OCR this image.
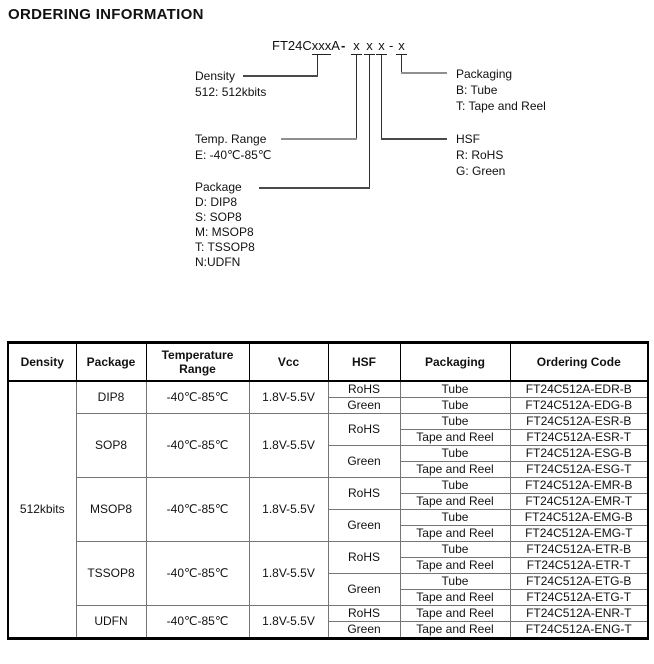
ORDERING INFORMATION
FT24CxxxA - x x x - x
Density
512: 512kbits
Temp. Range
E: -40℃-85℃
Package
D: DIP8
S: SOP8
M: MSOP8
T: TSSOP8
N:UDFN
Packaging
B: Tube
T: Tape and Reel
HSF
R: RoHS
G: Green
Density	Package	Temperature Range	Vcc	HSF	Packaging	Ordering Code
512kbits	DIP8	-40℃-85℃	1.8V-5.5V	RoHS	Tube	FT24C512A-EDR-B
				Green	Tube	FT24C512A-EDG-B
	SOP8	-40℃-85℃	1.8V-5.5V	RoHS	Tube	FT24C512A-ESR-B
					Tape and Reel	FT24C512A-ESR-T
				Green	Tube	FT24C512A-ESG-B
					Tape and Reel	FT24C512A-ESG-T
	MSOP8	-40℃-85℃	1.8V-5.5V	RoHS	Tube	FT24C512A-EMR-B
					Tape and Reel	FT24C512A-EMR-T
				Green	Tube	FT24C512A-EMG-B
					Tape and Reel	FT24C512A-EMG-T
	TSSOP8	-40℃-85℃	1.8V-5.5V	RoHS	Tube	FT24C512A-ETR-B
					Tape and Reel	FT24C512A-ETR-T
				Green	Tube	FT24C512A-ETG-B
					Tape and Reel	FT24C512A-ETG-T
	UDFN	-40℃-85℃	1.8V-5.5V	RoHS	Tape and Reel	FT24C512A-ENR-T
				Green	Tape and Reel	FT24C512A-ENG-T
